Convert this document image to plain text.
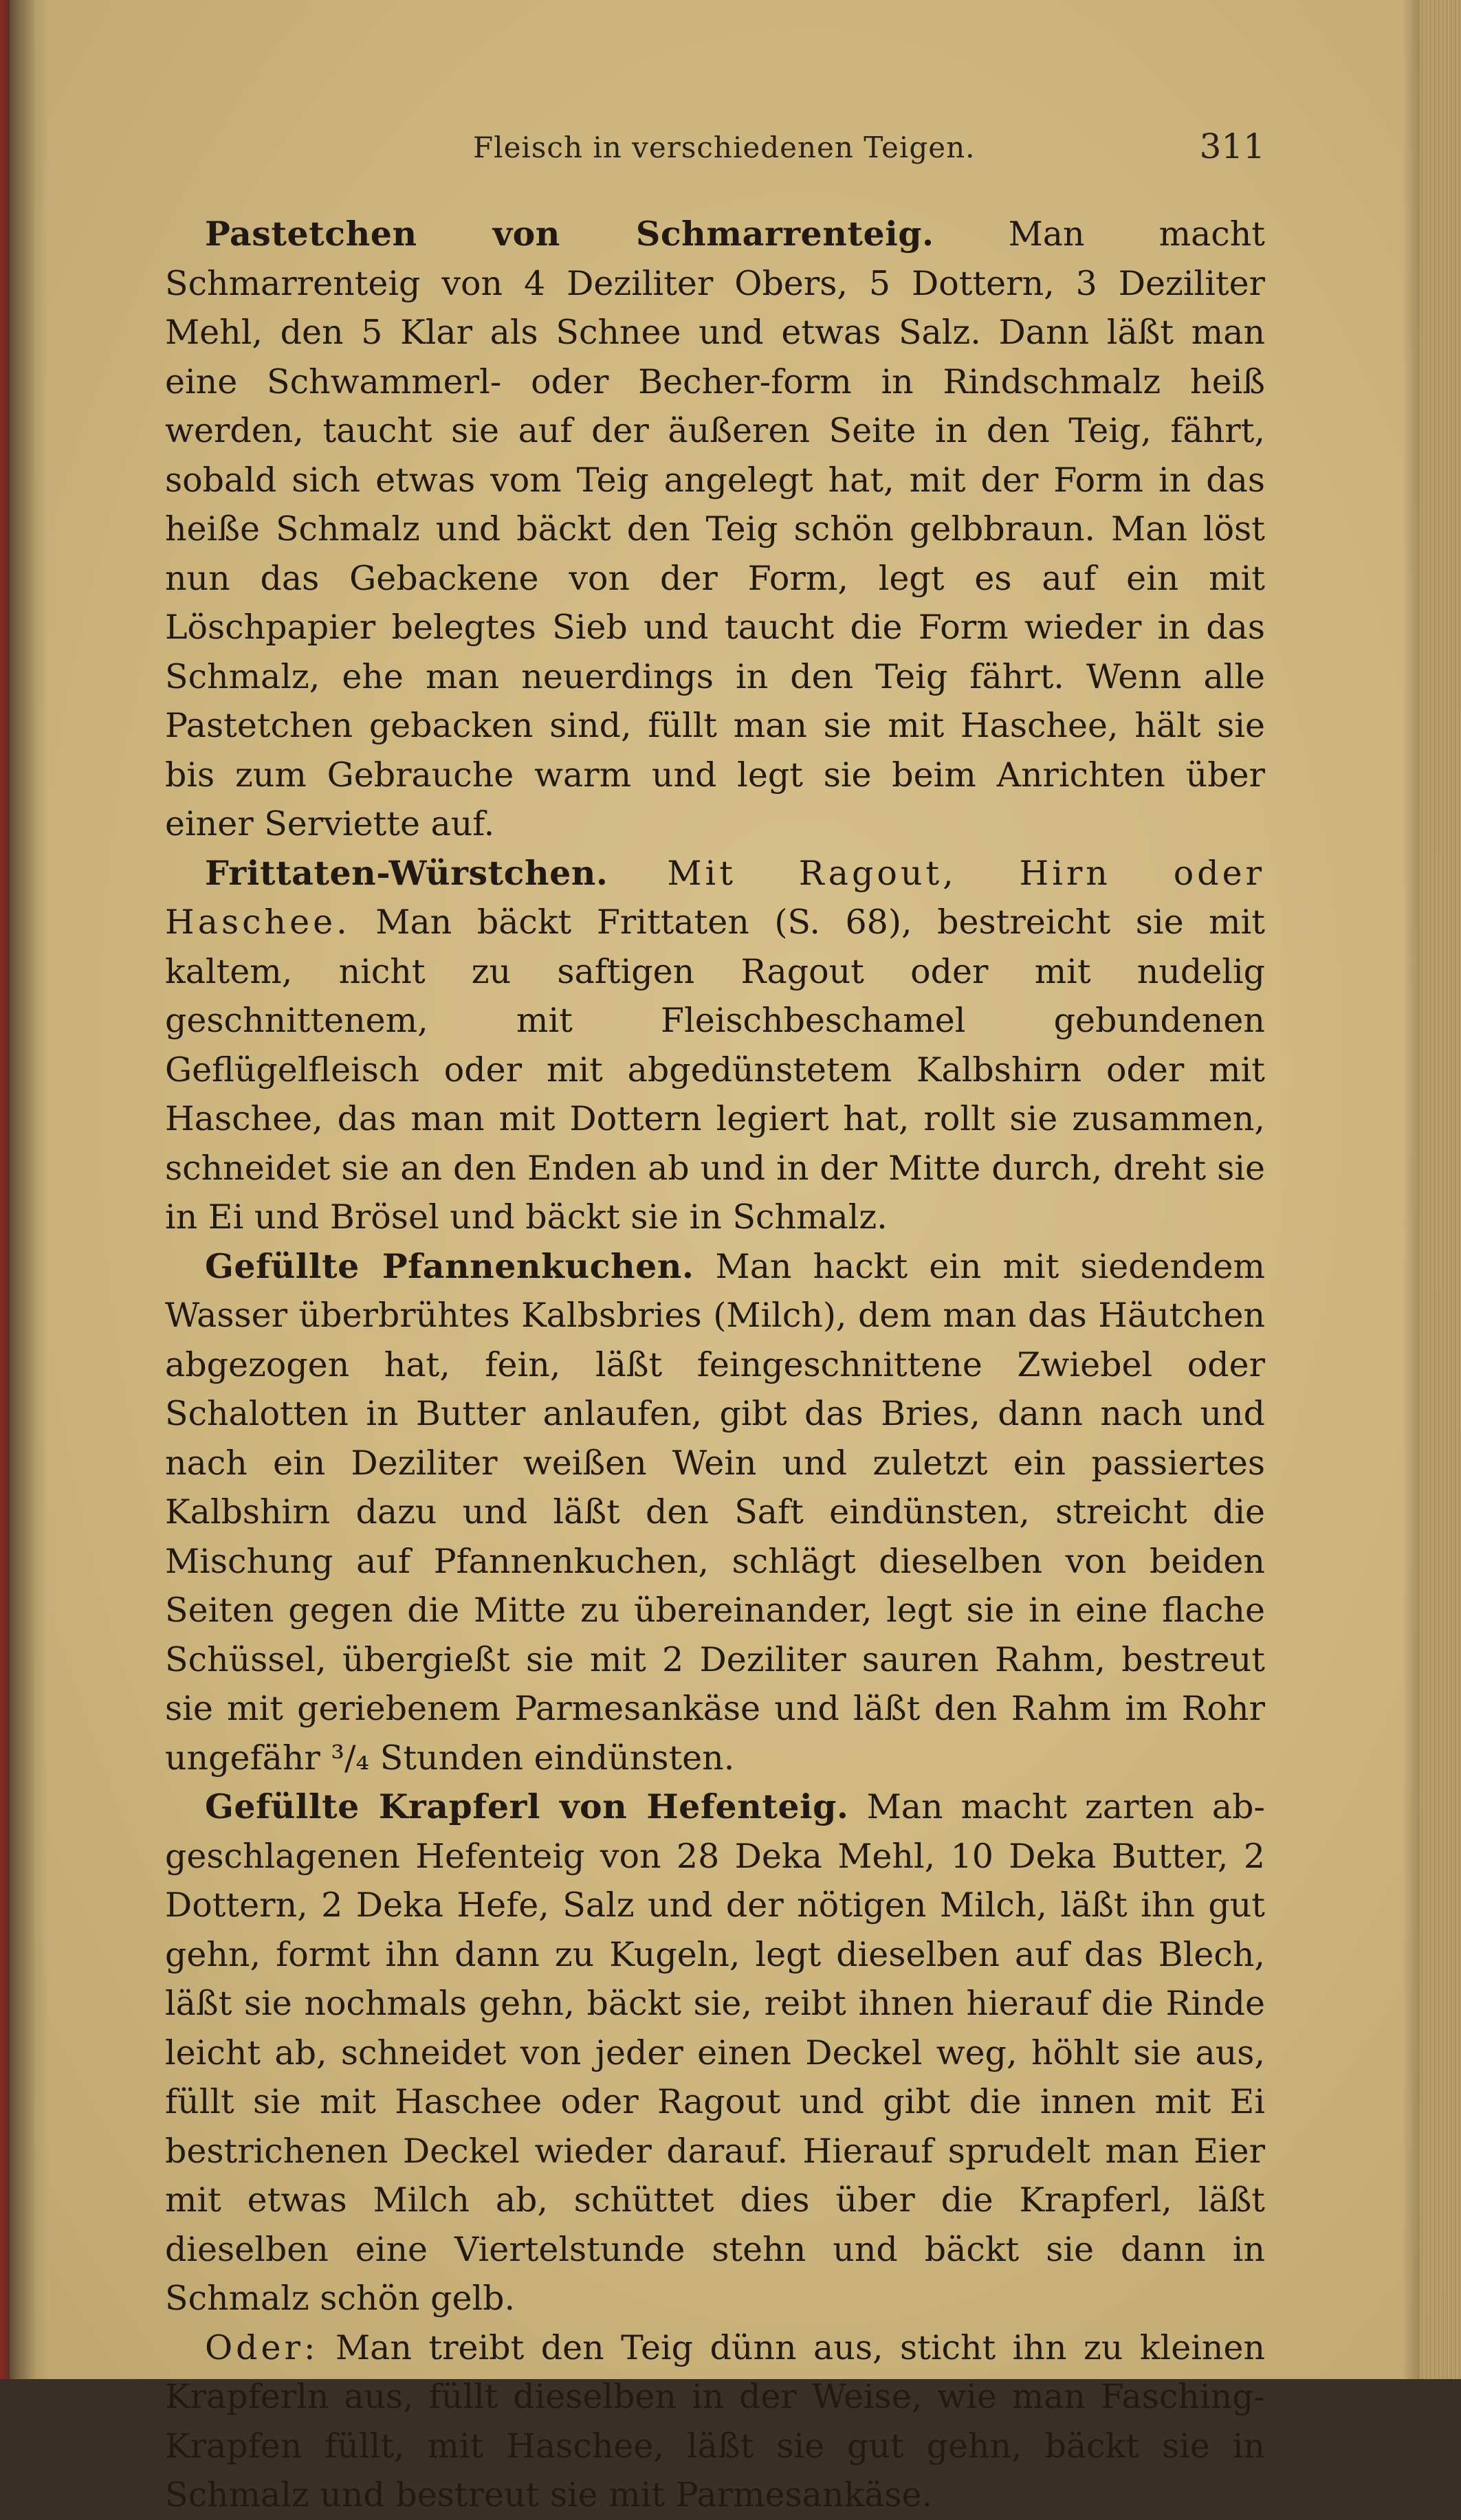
Fleisch in verschiedenen Teigen.	311

Pastetchen von Schmarrenteig. Man macht Schmarrenteig von 4 Deziliter Obers, 5 Dottern, 3 Deziliter Mehl, den 5 Klar als Schnee und etwas Salz. Dann läßt man eine Schwammerl- oder Becher-form in Rindschmalz heiß werden, taucht sie auf der äußeren Seite in den Teig, fährt, sobald sich etwas vom Teig angelegt hat, mit der Form in das heiße Schmalz und bäckt den Teig schön gelbbraun. Man löst nun das Gebackene von der Form, legt es auf ein mit Löschpapier belegtes Sieb und taucht die Form wieder in das Schmalz, ehe man neuerdings in den Teig fährt. Wenn alle Pastetchen gebacken sind, füllt man sie mit Haschee, hält sie bis zum Gebrauche warm und legt sie beim Anrichten über einer Serviette auf.

Frittaten-Würstchen. Mit Ragout, Hirn oder Haschee. Man bäckt Frittaten (S. 68), bestreicht sie mit kaltem, nicht zu saftigen Ragout oder mit nudelig geschnittenem, mit Fleischbeschamel gebundenen Geflügelfleisch oder mit abgedünstetem Kalbshirn oder mit Haschee, das man mit Dottern legiert hat, rollt sie zusammen, schneidet sie an den Enden ab und in der Mitte durch, dreht sie in Ei und Brösel und bäckt sie in Schmalz.

Gefüllte Pfannenkuchen. Man hackt ein mit siedendem Wasser überbrühtes Kalbsbries (Milch), dem man das Häutchen abgezogen hat, fein, läßt feingeschnittene Zwiebel oder Schalotten in Butter anlaufen, gibt das Bries, dann nach und nach ein Deziliter weißen Wein und zuletzt ein passiertes Kalbshirn dazu und läßt den Saft eindünsten, streicht die Mischung auf Pfannenkuchen, schlägt dieselben von beiden Seiten gegen die Mitte zu übereinander, legt sie in eine flache Schüssel, übergießt sie mit 2 Deziliter sauren Rahm, bestreut sie mit geriebenem Parmesankäse und läßt den Rahm im Rohr ungefähr ³/₄ Stunden eindünsten.

Gefüllte Krapferl von Hefenteig. Man macht zarten ab-geschlagenen Hefenteig von 28 Deka Mehl, 10 Deka Butter, 2 Dottern, 2 Deka Hefe, Salz und der nötigen Milch, läßt ihn gut gehn, formt ihn dann zu Kugeln, legt dieselben auf das Blech, läßt sie nochmals gehn, bäckt sie, reibt ihnen hierauf die Rinde leicht ab, schneidet von jeder einen Deckel weg, höhlt sie aus, füllt sie mit Haschee oder Ragout und gibt die innen mit Ei bestrichenen Deckel wieder darauf. Hierauf sprudelt man Eier mit etwas Milch ab, schüttet dies über die Krapferl, läßt dieselben eine Viertelstunde stehn und bäckt sie dann in Schmalz schön gelb.

Oder: Man treibt den Teig dünn aus, sticht ihn zu kleinen Krapferln aus, füllt dieselben in der Weise, wie man Fasching-Krapfen füllt, mit Haschee, läßt sie gut gehn, bäckt sie in Schmalz und bestreut sie mit Parmesankäse.
